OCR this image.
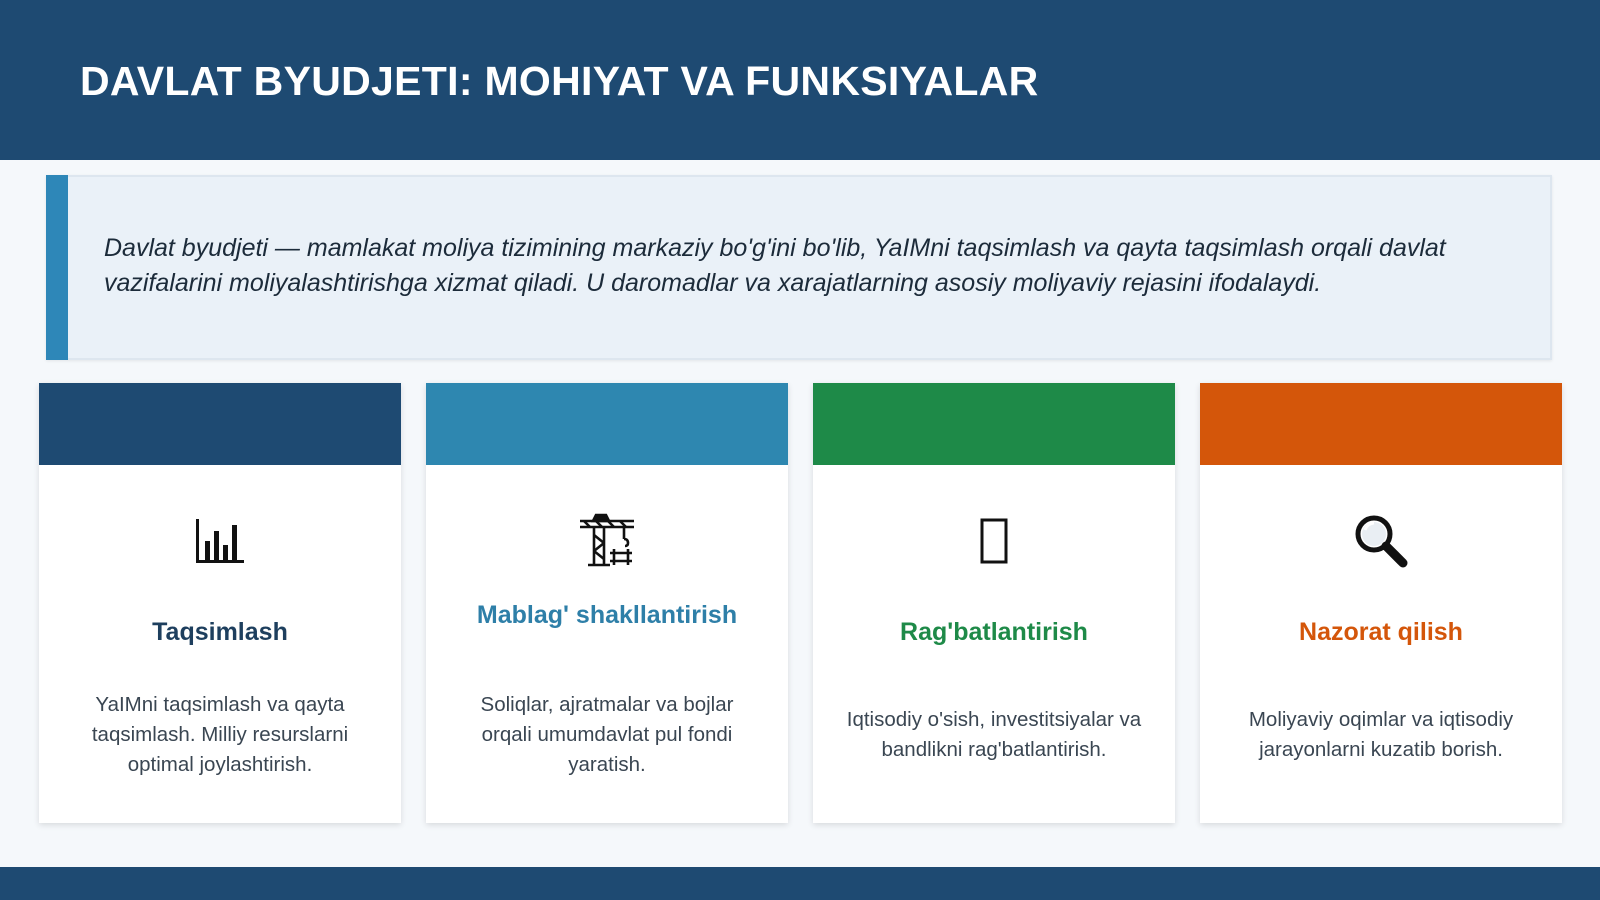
DAVLAT BYUDJETI: MOHIYAT VA FUNKSIYALAR

Davlat byudjeti — mamlakat moliya tizimining markaziy bo'g'ini bo'lib, YaIMni taqsimlash va qayta taqsimlash orqali davlat vazifalarini moliyalashtirishga xizmat qiladi. U daromadlar va xarajatlarning asosiy moliyaviy rejasini ifodalaydi.

Taqsimlash
YaIMni taqsimlash va qayta taqsimlash. Milliy resurslarni optimal joylashtirish.
Mablag' shakllantirish
Soliqlar, ajratmalar va bojlar orqali umumdavlat pul fondi yaratish.
Rag'batlantirish
Iqtisodiy o'sish, investitsiyalar va bandlikni rag'batlantirish.
Nazorat qilish
Moliyaviy oqimlar va iqtisodiy jarayonlarni kuzatib borish.
